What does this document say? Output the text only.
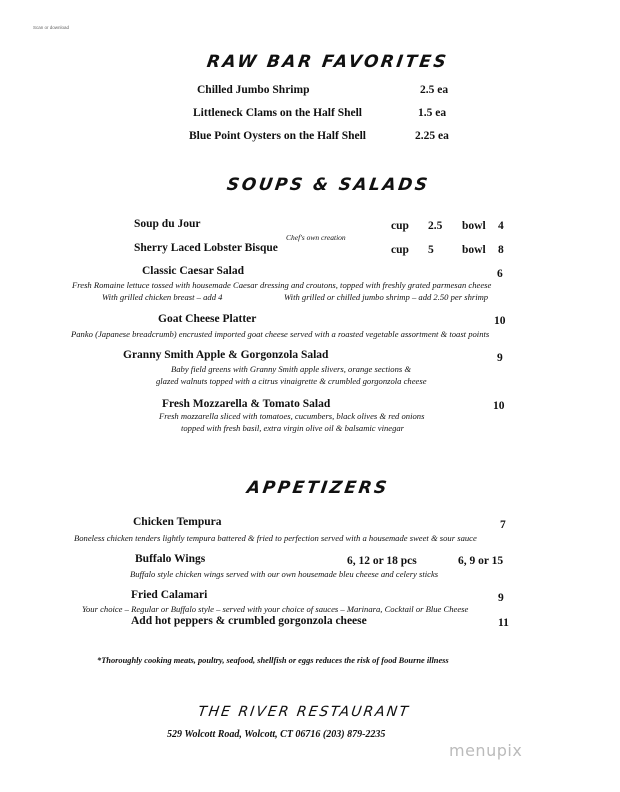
Scan or download
RAW BAR FAVORITES
Chilled Jumbo Shrimp	2.5 ea
Littleneck Clams on the Half Shell	1.5 ea
Blue Point Oysters on the Half Shell	2.25 ea
SOUPS & SALADS
Soup du Jour	cup 2.5 bowl 4
Chef's own creation
Sherry Laced Lobster Bisque	cup 5 bowl 8
Classic Caesar Salad	6
Fresh Romaine lettuce tossed with housemade Caesar dressing and croutons, topped with freshly grated parmesan cheese
With grilled chicken breast – add 4	With grilled or chilled jumbo shrimp – add 2.50 per shrimp
Goat Cheese Platter	10
Panko (Japanese breadcrumb) encrusted imported goat cheese served with a roasted vegetable assortment & toast points
Granny Smith Apple & Gorgonzola Salad	9
Baby field greens with Granny Smith apple slivers, orange sections &
glazed walnuts topped with a citrus vinaigrette & crumbled gorgonzola cheese
Fresh Mozzarella & Tomato Salad	10
Fresh mozzarella sliced with tomatoes, cucumbers, black olives & red onions
topped with fresh basil, extra virgin olive oil & balsamic vinegar
APPETIZERS
Chicken Tempura	7
Boneless chicken tenders lightly tempura battered & fried to perfection served with a housemade sweet & sour sauce
Buffalo Wings	6, 12 or 18 pcs	6, 9 or 15
Buffalo style chicken wings served with our own housemade bleu cheese and celery sticks
Fried Calamari	9
Your choice – Regular or Buffalo style – served with your choice of sauces – Marinara, Cocktail or Blue Cheese
Add hot peppers & crumbled gorgonzola cheese	11
*Thoroughly cooking meats, poultry, seafood, shellfish or eggs reduces the risk of food Bourne illness
THE RIVER RESTAURANT
529 Wolcott Road, Wolcott, CT 06716 (203) 879-2235
menupix
